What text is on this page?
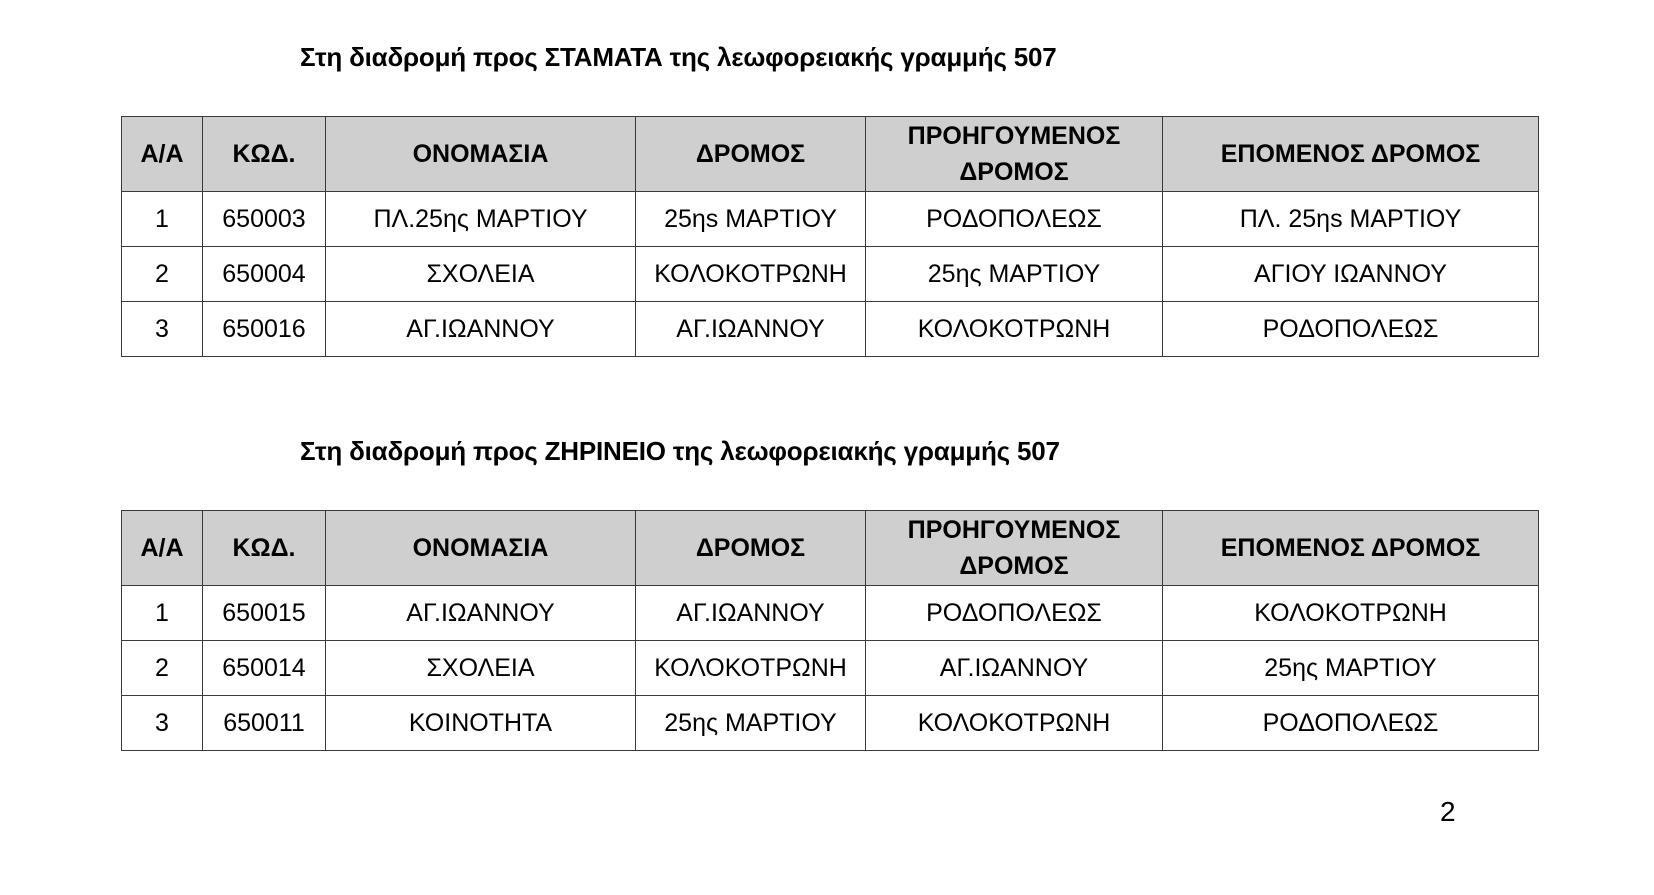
Στη διαδρομή προς ΣΤΑΜΑΤΑ της λεωφορειακής γραμμής 507
Α/Α	ΚΩΔ.	ΟΝΟΜΑΣΙΑ	ΔΡΟΜΟΣ	ΠΡΟΗΓΟΥΜΕΝΟΣ ΔΡΟΜΟΣ	ΕΠΟΜΕΝΟΣ ΔΡΟΜΟΣ
1	650003	ΠΛ.25ης ΜΑΡΤΙΟΥ	25ηs ΜΑΡΤΙΟΥ	ΡΟΔΟΠΟΛΕΩΣ	ΠΛ. 25ηs ΜΑΡΤΙΟΥ
2	650004	ΣΧΟΛΕΙΑ	ΚΟΛΟΚΟΤΡΩΝΗ	25ης ΜΑΡΤΙΟΥ	ΑΓΙΟΥ ΙΩΑΝΝΟΥ
3	650016	ΑΓ.ΙΩΑΝΝΟΥ	ΑΓ.ΙΩΑΝΝΟΥ	ΚΟΛΟΚΟΤΡΩΝΗ	ΡΟΔΟΠΟΛΕΩΣ
Στη διαδρομή προς ΖΗΡΙΝΕΙΟ της λεωφορειακής γραμμής 507
Α/Α	ΚΩΔ.	ΟΝΟΜΑΣΙΑ	ΔΡΟΜΟΣ	ΠΡΟΗΓΟΥΜΕΝΟΣ ΔΡΟΜΟΣ	ΕΠΟΜΕΝΟΣ ΔΡΟΜΟΣ
1	650015	ΑΓ.ΙΩΑΝΝΟΥ	ΑΓ.ΙΩΑΝΝΟΥ	ΡΟΔΟΠΟΛΕΩΣ	ΚΟΛΟΚΟΤΡΩΝΗ
2	650014	ΣΧΟΛΕΙΑ	ΚΟΛΟΚΟΤΡΩΝΗ	ΑΓ.ΙΩΑΝΝΟΥ	25ης ΜΑΡΤΙΟΥ
3	650011	ΚΟΙΝΟΤΗΤΑ	25ης ΜΑΡΤΙΟΥ	ΚΟΛΟΚΟΤΡΩΝΗ	ΡΟΔΟΠΟΛΕΩΣ
2
